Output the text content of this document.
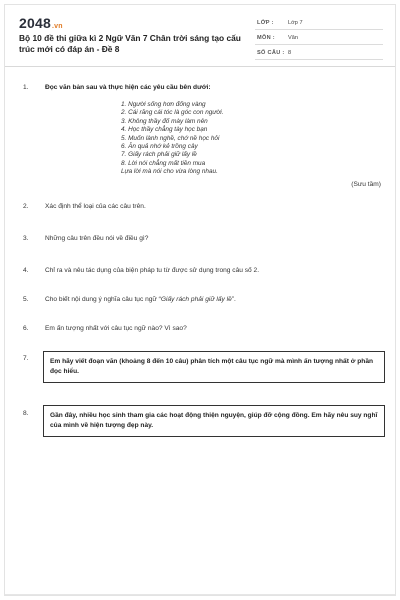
2048.vn
Bộ 10 đề thi giữa kì 2 Ngữ Văn 7 Chân trời sáng tạo cấu trúc mới có đáp án - Đề 8
LỚP :	Lớp 7
MÔN : Văn
SỐ CÂU : 8
1.	Đọc văn bản sau và thực hiện các yêu cầu bên dưới:
1. Người sống hơn đống vàng
2. Cái răng cái tóc là góc con người.
3. Không thầy đố mày làm nên
4. Học thầy chẳng tày học bạn
5. Muốn lành nghề, chớ nề học hỏi
6. Ăn quả nhớ kẻ trồng cây
7. Giấy rách phải giữ lấy lề
8. Lời nói chẳng mất tiền mua
Lựa lời mà nói cho vừa lòng nhau.
(Sưu tầm)
2.	Xác định thể loại của các câu trên.
3.	Những câu trên đều nói về điều gì?
4.	Chỉ ra và nêu tác dụng của biện pháp tu từ được sử dụng trong câu số 2.
5.	Cho biết nội dung ý nghĩa câu tục ngữ “Giấy rách phải giữ lấy lề”.
6.	Em ấn tượng nhất với câu tục ngữ nào? Vì sao?
7.	Em hãy viết đoạn văn (khoảng 8 đến 10 câu) phân tích một câu tục ngữ mà mình ấn tượng nhất ở phần đọc hiểu.
8.	Gần đây, nhiều học sinh tham gia các hoạt động thiện nguyện, giúp đỡ cộng đồng. Em hãy nêu suy nghĩ của mình về hiện tượng đẹp này.
